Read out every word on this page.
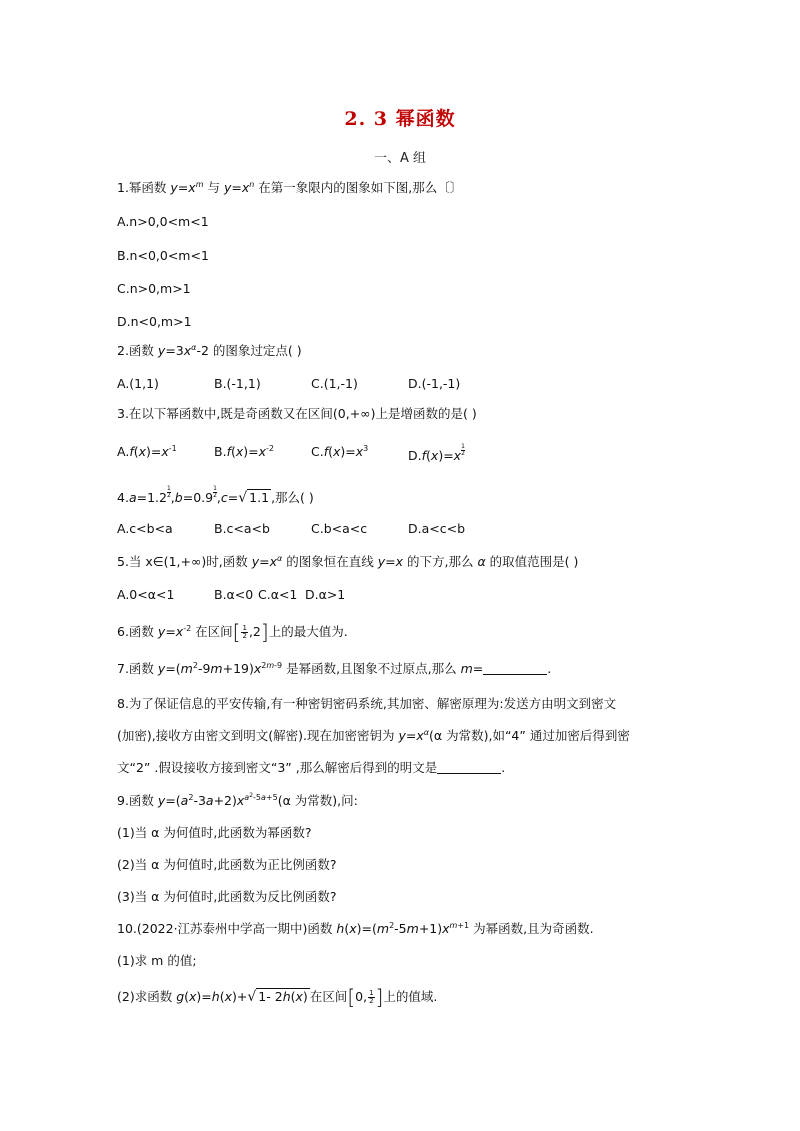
2. 3 幂函数
一、A 组
1.幂函数 $y=x^m$ 与 $y=x^n$ 在第一象限内的图象如下图,那么〔〕
A.n>0,0<m<1
B.n<0,0<m<1
C.n>0,m>1
D.n<0,m>1
2.函数 $y=3x^\alpha-2$ 的图象过定点( )
A.(1,1)	B.(-1,1)	C.(1,-1)	D.(-1,-1)
3.在以下幂函数中,既是奇函数又在区间(0,+∞)上是增函数的是( )
$A.f(x)=x^{-1}$	$B.f(x)=x^{-2}$	$C.f(x)=x^3$	$D.f(x)=x \frac{1}{2}$
$4.a=1.2 \frac{1}{2} ,b=0.9 \frac{1}{2} ,c=√$ 1.1 ,那么( )
A.c<b<a	B.c<a<b	C.b<a<c	D.a<c<b
5.当 x∈(1,+∞)时,函数 $y=x^\alpha$ 的图象恒在直线 y=x 的下方,那么 α 的取值范围是( )
A.0<α<1	B.α<0 C.α<1 D.α>1
6.函数 $y=x^{-2}$ 在区间[ $\frac{1}{2} ,2$]上的最大值为.
7.函数 $y=(m^2-9m+19)x^{2m-9}$ 是幂函数,且图象不过原点,那么 m=	.
8.为了保证信息的平安传输,有一种密钥密码系统,其加密、解密原理为:发送方由明文到密文
(加密),接收方由密文到明文(解密).现在加密密钥为 $y=x^\alpha(\alpha$ 为常数),如“4” 通过加密后得到密
文“2” .假设接收方接到密文“3” ,那么解密后得到的明文是	.
9.函数 $y=(a^2-3a+2)x^{a^2-5a+5}(\alpha$ 为常数),问:
(1)当 α 为何值时,此函数为幂函数?
(2)当 α 为何值时,此函数为正比例函数?
(3)当 α 为何值时,此函数为反比例函数?
10.(2022·江苏泰州中学高一期中)函数 $h(x)=(m^2-5m+1)x^{m+1}$ 为幂函数,且为奇函数.
(1)求 m 的值;
(2)求函数 g(x)=h(x)+√ 1- 2h(x) 在区间[0, $\frac{1}{2}$ ]上的值域.
